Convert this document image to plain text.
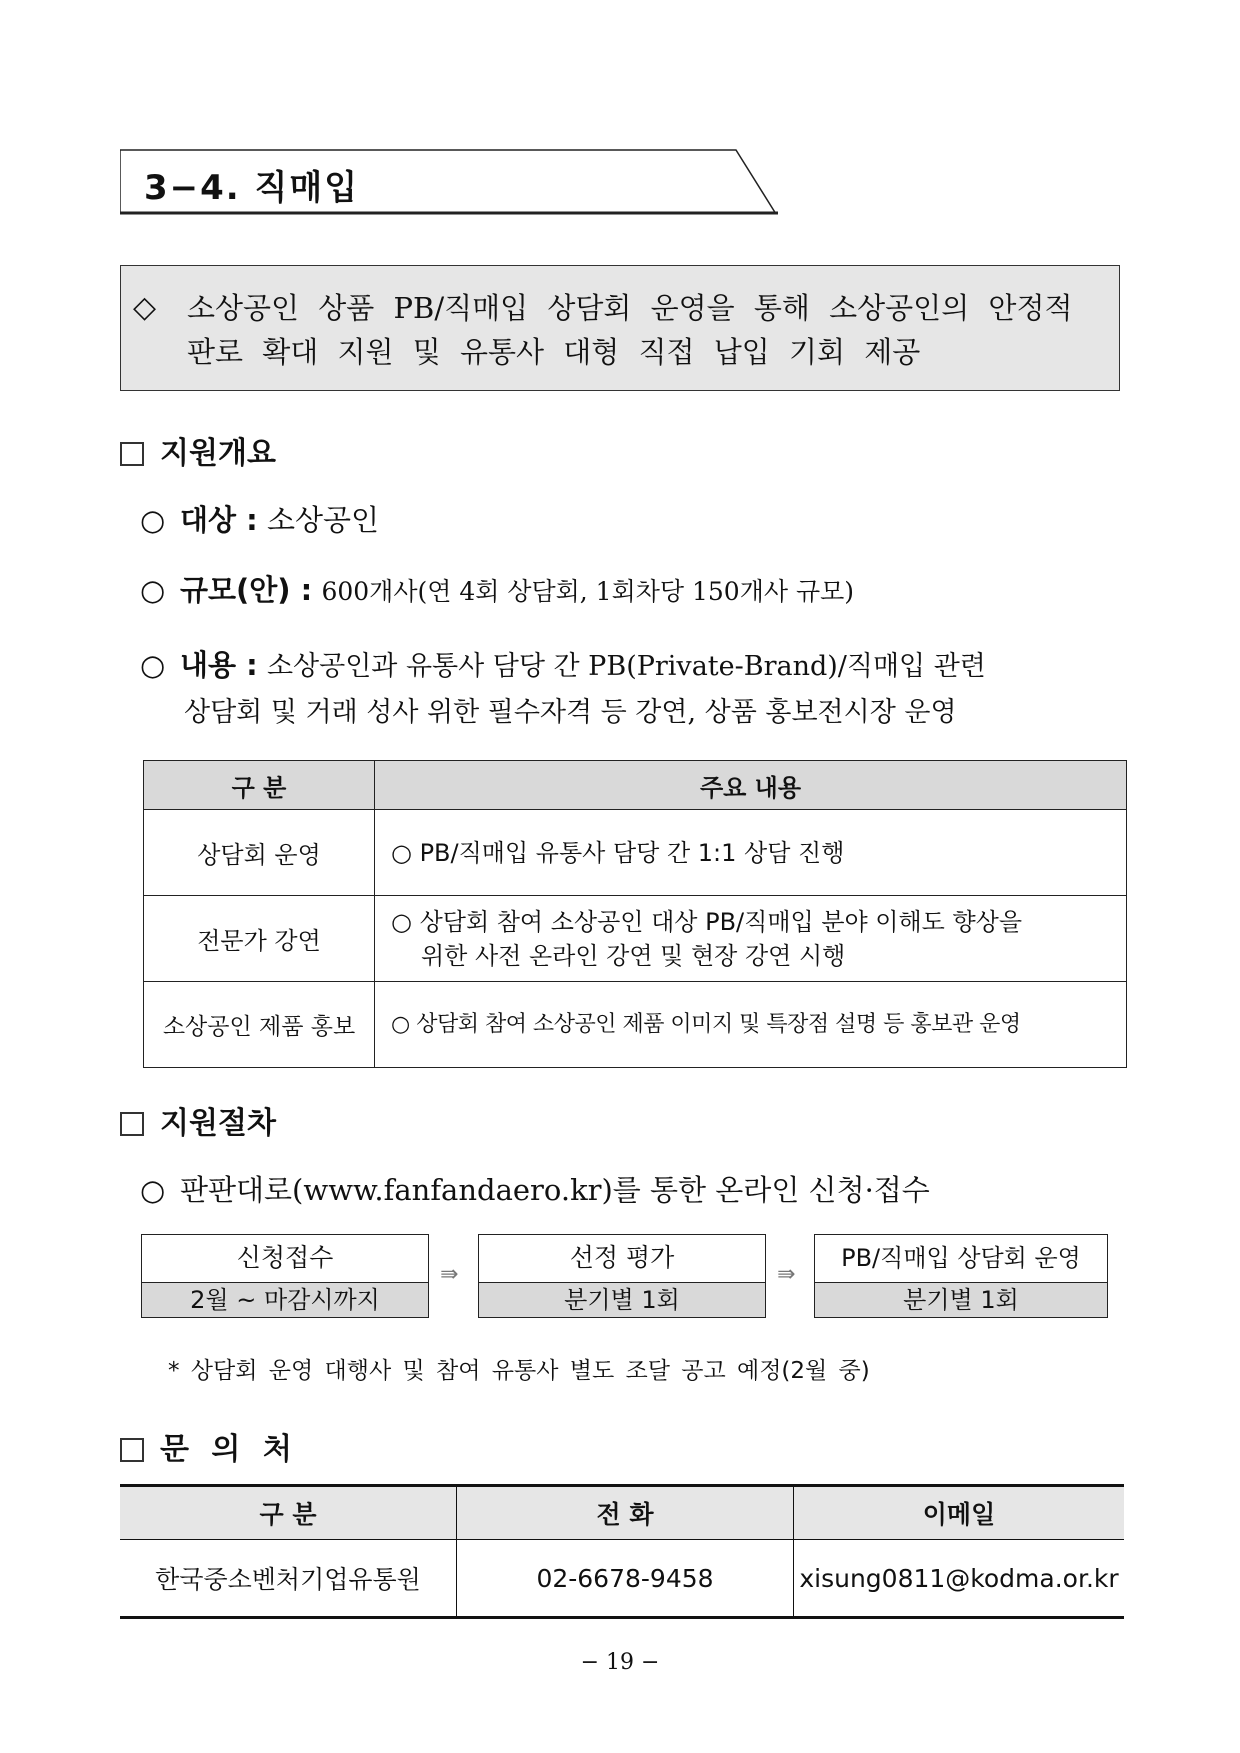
3−4. 직매입
◇ 소상공인 상품 PB/직매입 상담회 운영을 통해 소상공인의 안정적
판로 확대 지원 및 유통사 대형 직접 납입 기회 제공
지원개요
○ 대상 : 소상공인
○ 규모(안) : 600개사(연 4회 상담회, 1회차당 150개사 규모)
○ 내용 : 소상공인과 유통사 담당 간 PB(Private-Brand)/직매입 관련
상담회 및 거래 성사 위한 필수자격 등 강연, 상품 홍보전시장 운영
구 분	주요 내용
상담회 운영	○ PB/직매입 유통사 담당 간 1:1 상담 진행
전문가 강연	○ 상담회 참여 소상공인 대상 PB/직매입 분야 이해도 향상을
위한 사전 온라인 강연 및 현장 강연 시행

소상공인 제품 홍보	○ 상담회 참여 소상공인 제품 이미지 및 특장점 설명 등 홍보관 운영
지원절차
○ 판판대로(www.fanfandaero.kr)를 통한 온라인 신청·접수
신청접수
2월 ~ 마감시까지
⇛
선정 평가
분기별 1회
⇛
PB/직매입 상담회 운영
분기별 1회
* 상담회 운영 대행사 및 참여 유통사 별도 조달 공고 예정(2월 중)
문 의 처
구 분	전 화	이메일
한국중소벤처기업유통원	02-6678-9458	xisung0811@kodma.or.kr
− 19 −
